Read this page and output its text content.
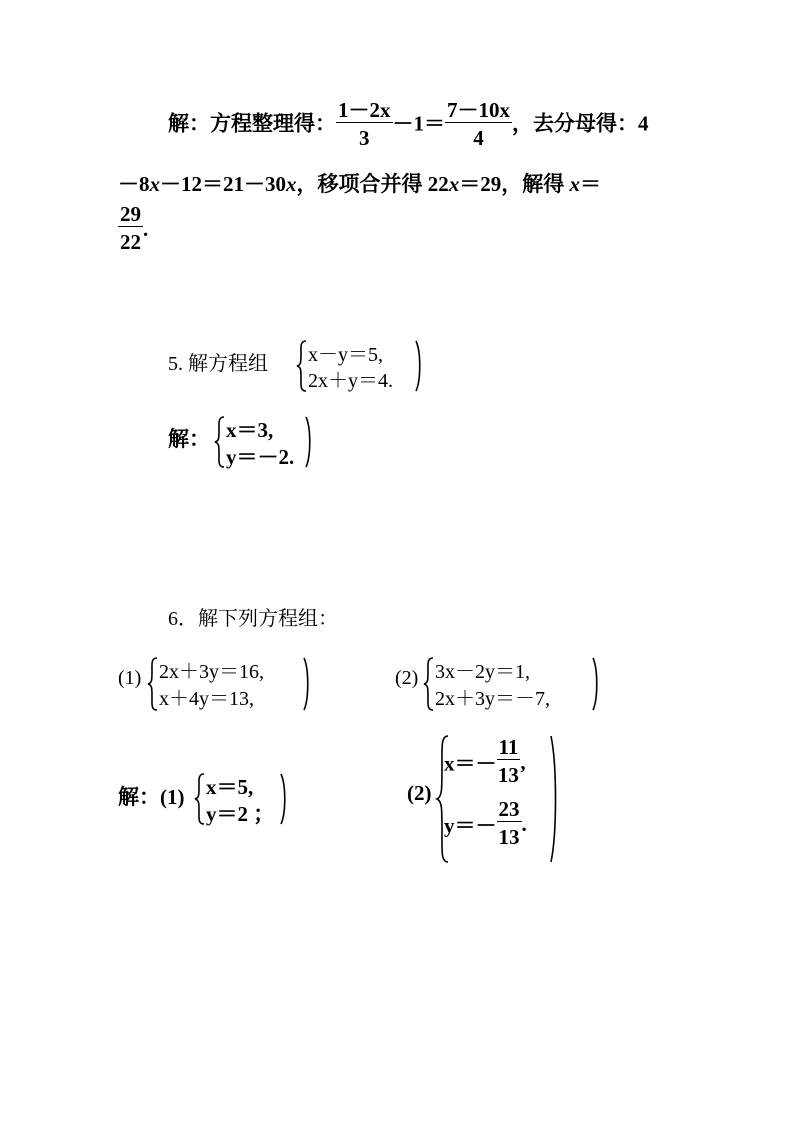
解：方程整理得： $\frac{1-2x}{3} -1= \frac{7-10x}{4}$ ，去分母得：4
－8x－12＝21－30x，移项合并得 22x＝29，解得 x＝
$\frac{29}{22}$ .
5. 解方程组 x－y＝5,
2x＋y＝4.
解： x＝3,
y＝－2.
6．解下列方程组：
(1) 2x＋3y＝16,
x＋4y＝13,
(2) 3x－2y＝1,
2x＋3y＝－7,
解：(1) x＝5,
y＝2 ；
(2)
$x=- \frac{11}{13}$ ,
$y=- \frac{23}{13}$ .
